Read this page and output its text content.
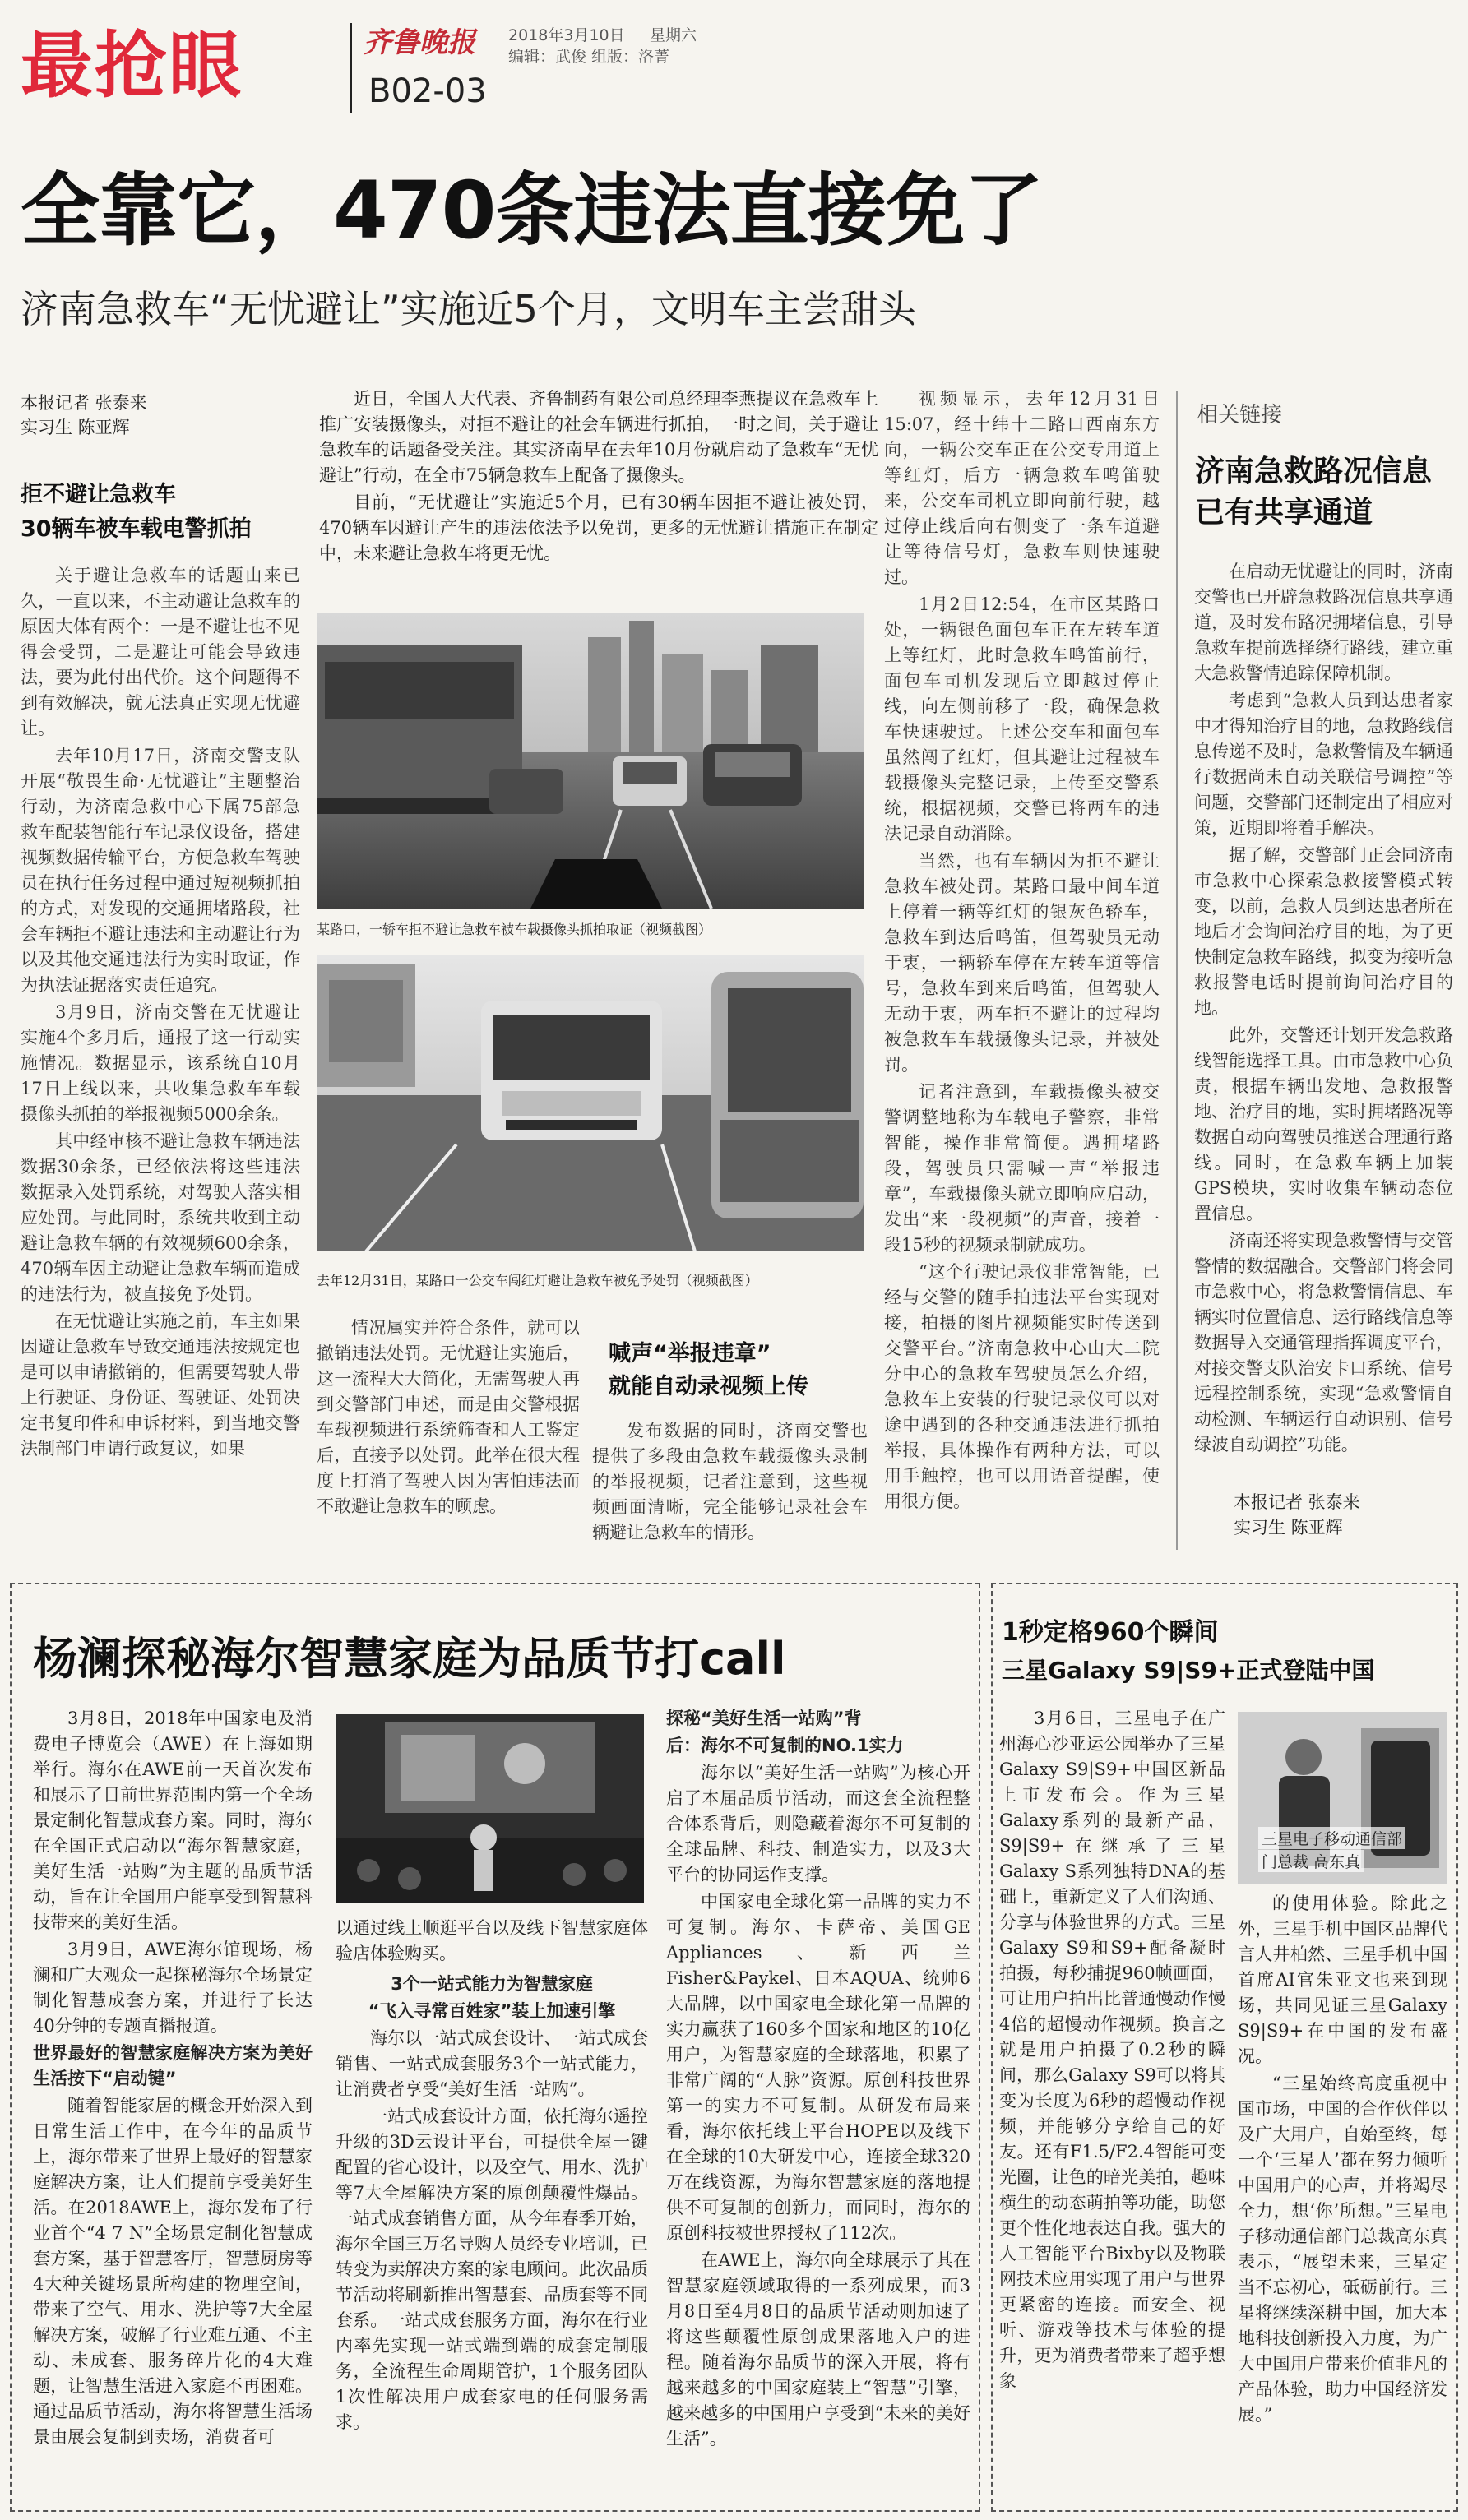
最抢眼	齐鲁晚报 2018年3月10日 星期六
编辑：武俊 组版：洛菁
B02-03
全靠它，470条违法直接免了
济南急救车“无忧避让”实施近5个月，文明车主尝甜头
本报记者 张泰来
实习生 陈亚辉
拒不避让急救车
30辆车被车载电警抓拍

关于避让急救车的话题由来已久，一直以来，不主动避让急救车的原因大体有两个：一是不避让也不见得会受罚，二是避让可能会导致违法，要为此付出代价。这个问题得不到有效解决，就无法真正实现无忧避让。

去年10月17日，济南交警支队开展“敬畏生命·无忧避让”主题整治行动，为济南急救中心下属75部急救车配装智能行车记录仪设备，搭建视频数据传输平台，方便急救车驾驶员在执行任务过程中通过短视频抓拍的方式，对发现的交通拥堵路段，社会车辆拒不避让违法和主动避让行为以及其他交通违法行为实时取证，作为执法证据落实责任追究。

3月9日，济南交警在无忧避让实施4个多月后，通报了这一行动实施情况。数据显示，该系统自10月17日上线以来，共收集急救车车载摄像头抓拍的举报视频5000余条。

其中经审核不避让急救车辆违法数据30余条，已经依法将这些违法数据录入处罚系统，对驾驶人落实相应处罚。与此同时，系统共收到主动避让急救车辆的有效视频600余条，470辆车因主动避让急救车辆而造成的违法行为，被直接免予处罚。

在无忧避让实施之前，车主如果因避让急救车导致交通违法按规定也是可以申请撤销的，但需要驾驶人带上行驶证、身份证、驾驶证、处罚决定书复印件和申诉材料，到当地交警法制部门申请行政复议，如果

近日，全国人大代表、齐鲁制药有限公司总经理李燕提议在急救车上推广安装摄像头，对拒不避让的社会车辆进行抓拍，一时之间，关于避让急救车的话题备受关注。其实济南早在去年10月份就启动了急救车“无忧避让”行动，在全市75辆急救车上配备了摄像头。

目前，“无忧避让”实施近5个月，已有30辆车因拒不避让被处罚，470辆车因避让产生的违法依法予以免罚，更多的无忧避让措施正在制定中，未来避让急救车将更无忧。

某路口，一轿车拒不避让急救车被车载摄像头抓拍取证（视频截图）
去年12月31日，某路口一公交车闯红灯避让急救车被免予处罚（视频截图）

情况属实并符合条件，就可以撤销违法处罚。无忧避让实施后，这一流程大大简化，无需驾驶人再到交警部门申述，而是由交警根据车载视频进行系统筛查和人工鉴定后，直接予以处罚。此举在很大程度上打消了驾驶人因为害怕违法而不敢避让急救车的顾虑。

喊声“举报违章”
就能自动录视频上传

发布数据的同时，济南交警也提供了多段由急救车载摄像头录制的举报视频，记者注意到，这些视频画面清晰，完全能够记录社会车辆避让急救车的情形。

视频显示，去年12月31日15:07，经十纬十二路口西南东方向，一辆公交车正在公交专用道上等红灯，后方一辆急救车鸣笛驶来，公交车司机立即向前行驶，越过停止线后向右侧变了一条车道避让等待信号灯，急救车则快速驶过。

1月2日12:54，在市区某路口处，一辆银色面包车正在左转车道上等红灯，此时急救车鸣笛前行，面包车司机发现后立即越过停止线，向左侧前移了一段，确保急救车快速驶过。上述公交车和面包车虽然闯了红灯，但其避让过程被车载摄像头完整记录，上传至交警系统，根据视频，交警已将两车的违法记录自动消除。

当然，也有车辆因为拒不避让急救车被处罚。某路口最中间车道上停着一辆等红灯的银灰色轿车，急救车到达后鸣笛，但驾驶员无动于衷，一辆轿车停在左转车道等信号，急救车到来后鸣笛，但驾驶人无动于衷，两车拒不避让的过程均被急救车车载摄像头记录，并被处罚。

记者注意到，车载摄像头被交警调整地称为车载电子警察，非常智能，操作非常简便。遇拥堵路段，驾驶员只需喊一声“举报违章”，车载摄像头就立即响应启动，发出“来一段视频”的声音，接着一段15秒的视频录制就成功。

“这个行驶记录仪非常智能，已经与交警的随手拍违法平台实现对接，拍摄的图片视频能实时传送到交警平台。”济南急救中心山大二院分中心的急救车驾驶员怎么介绍，急救车上安装的行驶记录仪可以对途中遇到的各种交通违法进行抓拍举报，具体操作有两种方法，可以用手触控，也可以用语音提醒，使用很方便。

相关链接
济南急救路况信息
已有共享通道

在启动无忧避让的同时，济南交警也已开辟急救路况信息共享通道，及时发布路况拥堵信息，引导急救车提前选择绕行路线，建立重大急救警情追踪保障机制。

考虑到“急救人员到达患者家中才得知治疗目的地，急救路线信息传递不及时，急救警情及车辆通行数据尚未自动关联信号调控”等问题，交警部门还制定出了相应对策，近期即将着手解决。

据了解，交警部门正会同济南市急救中心探索急救接警模式转变，以前，急救人员到达患者所在地后才会询问治疗目的地，为了更快制定急救车路线，拟变为接听急救报警电话时提前询问治疗目的地。

此外，交警还计划开发急救路线智能选择工具。由市急救中心负责，根据车辆出发地、急救报警地、治疗目的地，实时拥堵路况等数据自动向驾驶员推送合理通行路线。同时，在急救车辆上加装GPS模块，实时收集车辆动态位置信息。

济南还将实现急救警情与交管警情的数据融合。交警部门将会同市急救中心，将急救警情信息、车辆实时位置信息、运行路线信息等数据导入交通管理指挥调度平台，对接交警支队治安卡口系统、信号远程控制系统，实现“急救警情自动检测、车辆运行自动识别、信号绿波自动调控”功能。

本报记者 张泰来
实习生 陈亚辉
杨澜探秘海尔智慧家庭为品质节打call

3月8日，2018年中国家电及消费电子博览会（AWE）在上海如期举行。海尔在AWE前一天首次发布和展示了目前世界范围内第一个全场景定制化智慧成套方案。同时，海尔在全国正式启动以“海尔智慧家庭，美好生活一站购”为主题的品质节活动，旨在让全国用户能享受到智慧科技带来的美好生活。

3月9日，AWE海尔馆现场，杨澜和广大观众一起探秘海尔全场景定制化智慧成套方案，并进行了长达40分钟的专题直播报道。

世界最好的智慧家庭解决方案为美好生活按下“启动键”

随着智能家居的概念开始深入到日常生活工作中，在今年的品质节上，海尔带来了世界上最好的智慧家庭解决方案，让人们提前享受美好生活。在2018AWE上，海尔发布了行业首个“4 7 N”全场景定制化智慧成套方案，基于智慧客厅，智慧厨房等4大种关键场景所构建的物理空间，带来了空气、用水、洗护等7大全屋解决方案，破解了行业难互通、不主动、未成套、服务碎片化的4大难题，让智慧生活进入家庭不再困难。通过品质节活动，海尔将智慧生活场景由展会复制到卖场，消费者可

以通过线上顺逛平台以及线下智慧家庭体验店体验购买。

3个一站式能力为智慧家庭

“飞入寻常百姓家”装上加速引擎

海尔以一站式成套设计、一站式成套销售、一站式成套服务3个一站式能力，让消费者享受“美好生活一站购”。

一站式成套设计方面，依托海尔遥控升级的3D云设计平台，可提供全屋一键配置的省心设计，以及空气、用水、洗护等7大全屋解决方案的原创颠覆性爆品。一站式成套销售方面，从今年春季开始，海尔全国三万名导购人员经专业培训，已转变为卖解决方案的家电顾问。此次品质节活动将刷新推出智慧套、品质套等不同套系。一站式成套服务方面，海尔在行业内率先实现一站式端到端的成套定制服务，全流程生命周期管护，1个服务团队1次性解决用户成套家电的任何服务需求。

探秘“美好生活一站购”背

后：海尔不可复制的NO.1实力

海尔以“美好生活一站购”为核心开启了本届品质节活动，而这套全流程整合体系背后，则隐藏着海尔不可复制的全球品牌、科技、制造实力，以及3大平台的协同运作支撑。

中国家电全球化第一品牌的实力不可复制。海尔、卡萨帝、美国GE Appliances、新西兰Fisher&Paykel、日本AQUA、统帅6大品牌，以中国家电全球化第一品牌的实力赢获了160多个国家和地区的10亿用户，为智慧家庭的全球落地，积累了非常广阔的“人脉”资源。原创科技世界第一的实力不可复制。从研发布局来看，海尔依托线上平台HOPE以及线下在全球的10大研发中心，连接全球320万在线资源，为海尔智慧家庭的落地提供不可复制的创新力，而同时，海尔的原创科技被世界授权了112次。

在AWE上，海尔向全球展示了其在智慧家庭领域取得的一系列成果，而3月8日至4月8日的品质节活动则加速了将这些颠覆性原创成果落地入户的进程。随着海尔品质节的深入开展，将有越来越多的中国家庭装上“智慧”引擎，越来越多的中国用户享受到“未来的美好生活”。

1秒定格960个瞬间
三星Galaxy S9|S9+正式登陆中国

3月6日，三星电子在广州海心沙亚运公园举办了三星Galaxy S9|S9+中国区新品上市发布会。作为三星Galaxy系列的最新产品，S9|S9+在继承了三星Galaxy S系列独特DNA的基础上，重新定义了人们沟通、分享与体验世界的方式。三星Galaxy S9和S9+配备凝时拍摄，每秒捕捉960帧画面，可让用户拍出比普通慢动作慢4倍的超慢动作视频。换言之就是用户拍摄了0.2秒的瞬间，那么Galaxy S9可以将其变为长度为6秒的超慢动作视频，并能够分享给自己的好友。还有F1.5/F2.4智能可变光圈，让色的暗光美拍，趣味横生的动态萌拍等功能，助您更个性化地表达自我。强大的人工智能平台Bixby以及物联网技术应用实现了用户与世界更紧密的连接。而安全、视听、游戏等技术与体验的提升，更为消费者带来了超乎想象

三星电子移动通信部
门总裁 高东真

的使用体验。除此之外，三星手机中国区品牌代言人井柏然、三星手机中国首席AI官朱亚文也来到现场，共同见证三星Galaxy S9|S9+在中国的发布盛况。

“三星始终高度重视中国市场，中国的合作伙伴以及广大用户，自始至终，每一个‘三星人’都在努力倾听中国用户的心声，并将竭尽全力，想‘你’所想。”三星电子移动通信部门总裁高东真表示，“展望未来，三星定当不忘初心，砥砺前行。三星将继续深耕中国，加大本地科技创新投入力度，为广大中国用户带来价值非凡的产品体验，助力中国经济发展。”
